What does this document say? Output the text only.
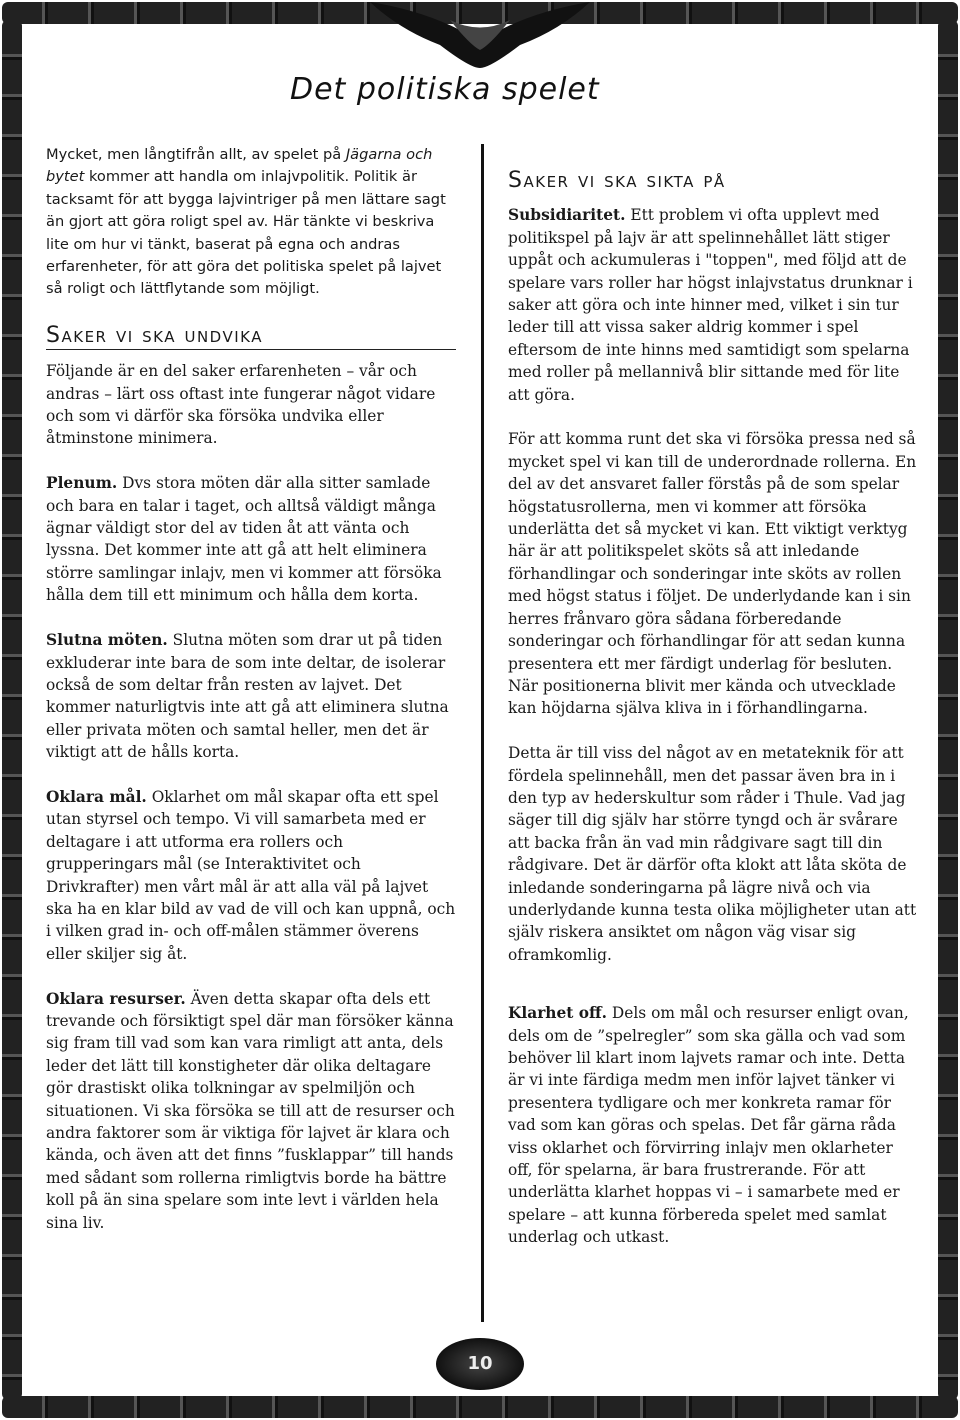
Det politiska spelet

Mycket, men långtifrån allt, av spelet på Jägarna och bytet kommer att handla om inlajvpolitik. Politik är tacksamt för att bygga lajvintriger på men lättare sagt än gjort att göra roligt spel av. Här tänkte vi beskriva lite om hur vi tänkt, baserat på egna och andras erfarenheter, för att göra det politiska spelet på lajvet så roligt och lättflytande som möjligt.

Saker vi ska undvika

Följande är en del saker erfarenheten – vår och andras – lärt oss oftast inte fungerar något vidare och som vi därför ska försöka undvika eller åtminstone minimera.

Plenum. Dvs stora möten där alla sitter samlade och bara en talar i taget, och alltså väldigt många ägnar väldigt stor del av tiden åt att vänta och lyssna. Det kommer inte att gå att helt eliminera större samlingar inlajv, men vi kommer att försöka hålla dem till ett minimum och hålla dem korta.

Slutna möten. Slutna möten som drar ut på tiden exkluderar inte bara de som inte deltar, de isolerar också de som deltar från resten av lajvet. Det kommer naturligtvis inte att gå att eliminera slutna eller privata möten och samtal heller, men det är viktigt att de hålls korta.

Oklara mål. Oklarhet om mål skapar ofta ett spel utan styrsel och tempo. Vi vill samarbeta med er deltagare i att utforma era rollers och grupperingars mål (se Interaktivitet och Drivkrafter) men vårt mål är att alla väl på lajvet ska ha en klar bild av vad de vill och kan uppnå, och i vilken grad in- och off-målen stämmer överens eller skiljer sig åt.

Oklara resurser. Även detta skapar ofta dels ett trevande och försiktigt spel där man försöker känna sig fram till vad som kan vara rimligt att anta, dels leder det lätt till konstigheter där olika deltagare gör drastiskt olika tolkningar av spelmiljön och situationen. Vi ska försöka se till att de resurser och andra faktorer som är viktiga för lajvet är klara och kända, och även att det finns ”fusklappar” till hands med sådant som rollerna rimligtvis borde ha bättre koll på än sina spelare som inte levt i världen hela sina liv.

Saker vi ska sikta på

Subsidiaritet. Ett problem vi ofta upplevt med politikspel på lajv är att spelinnehållet lätt stiger uppåt och ackumuleras i "toppen", med följd att de spelare vars roller har högst inlajvstatus drunknar i saker att göra och inte hinner med, vilket i sin tur leder till att vissa saker aldrig kommer i spel eftersom de inte hinns med samtidigt som spelarna med roller på mellannivå blir sittande med för lite att göra.

För att komma runt det ska vi försöka pressa ned så mycket spel vi kan till de underordnade rollerna. En del av det ansvaret faller förstås på de som spelar högstatusrollerna, men vi kommer att försöka underlätta det så mycket vi kan. Ett viktigt verktyg här är att politikspelet sköts så att inledande förhandlingar och sonderingar inte sköts av rollen med högst status i följet. De underlydande kan i sin herres frånvaro göra sådana förberedande sonderingar och förhandlingar för att sedan kunna presentera ett mer färdigt underlag för besluten. När positionerna blivit mer kända och utvecklade kan höjdarna själva kliva in i förhandlingarna.

Detta är till viss del något av en metateknik för att fördela spelinnehåll, men det passar även bra in i den typ av hederskultur som råder i Thule. Vad jag säger till dig själv har större tyngd och är svårare att backa från än vad min rådgivare sagt till din rådgivare. Det är därför ofta klokt att låta sköta de inledande sonderingarna på lägre nivå och via underlydande kunna testa olika möjligheter utan att själv riskera ansiktet om någon väg visar sig oframkomlig.

Klarhet off. Dels om mål och resurser enligt ovan, dels om de ”spelregler” som ska gälla och vad som behöver lil klart inom lajvets ramar och inte. Detta är vi inte färdiga medm men inför lajvet tänker vi presentera tydligare och mer konkreta ramar för vad som kan göras och spelas. Det får gärna råda viss oklarhet och förvirring inlajv men oklarheter off, för spelarna, är bara frustrerande. För att underlätta klarhet hoppas vi – i samarbete med er spelare – att kunna förbereda spelet med samlat underlag och utkast.

10
